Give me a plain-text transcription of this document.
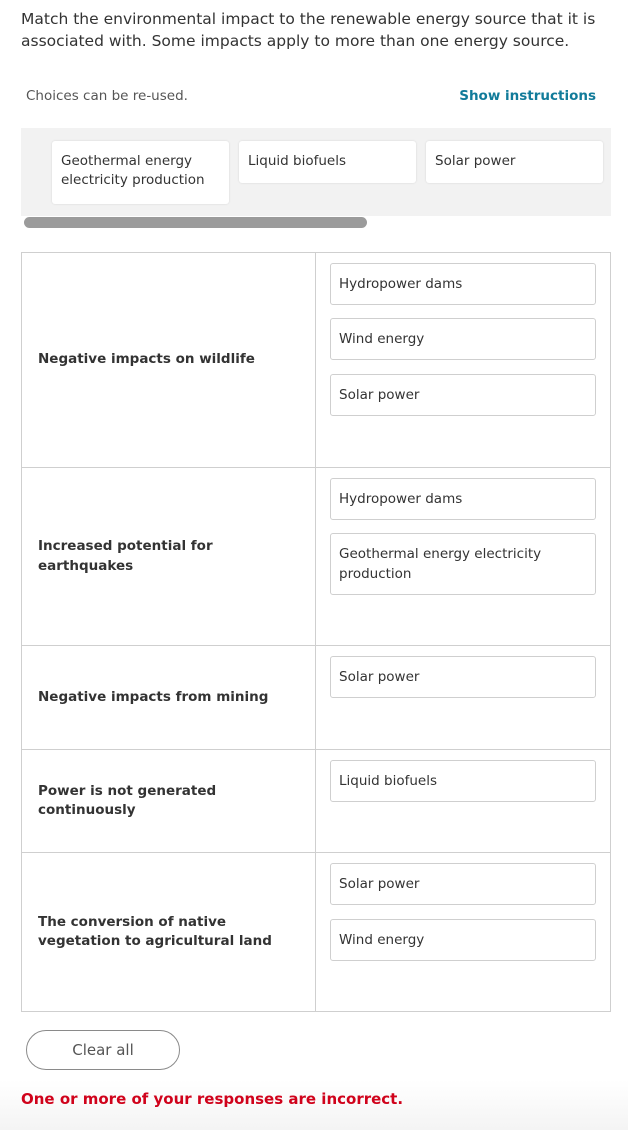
Match the environmental impact to the renewable energy source that it is associated with. Some impacts apply to more than one energy source.
Choices can be re-used.	Show instructions
Geothermal energy electricity production
Liquid biofuels	Solar power
Negative impacts on wildlife
Hydropower dams
Wind energy
Solar power
Increased potential for earthquakes
Hydropower dams
Geothermal energy electricity production
Negative impacts from mining
Solar power
Power is not generated continuously
Liquid biofuels
The conversion of native vegetation to agricultural land
Solar power
Wind energy
Clear all
One or more of your responses are incorrect.
